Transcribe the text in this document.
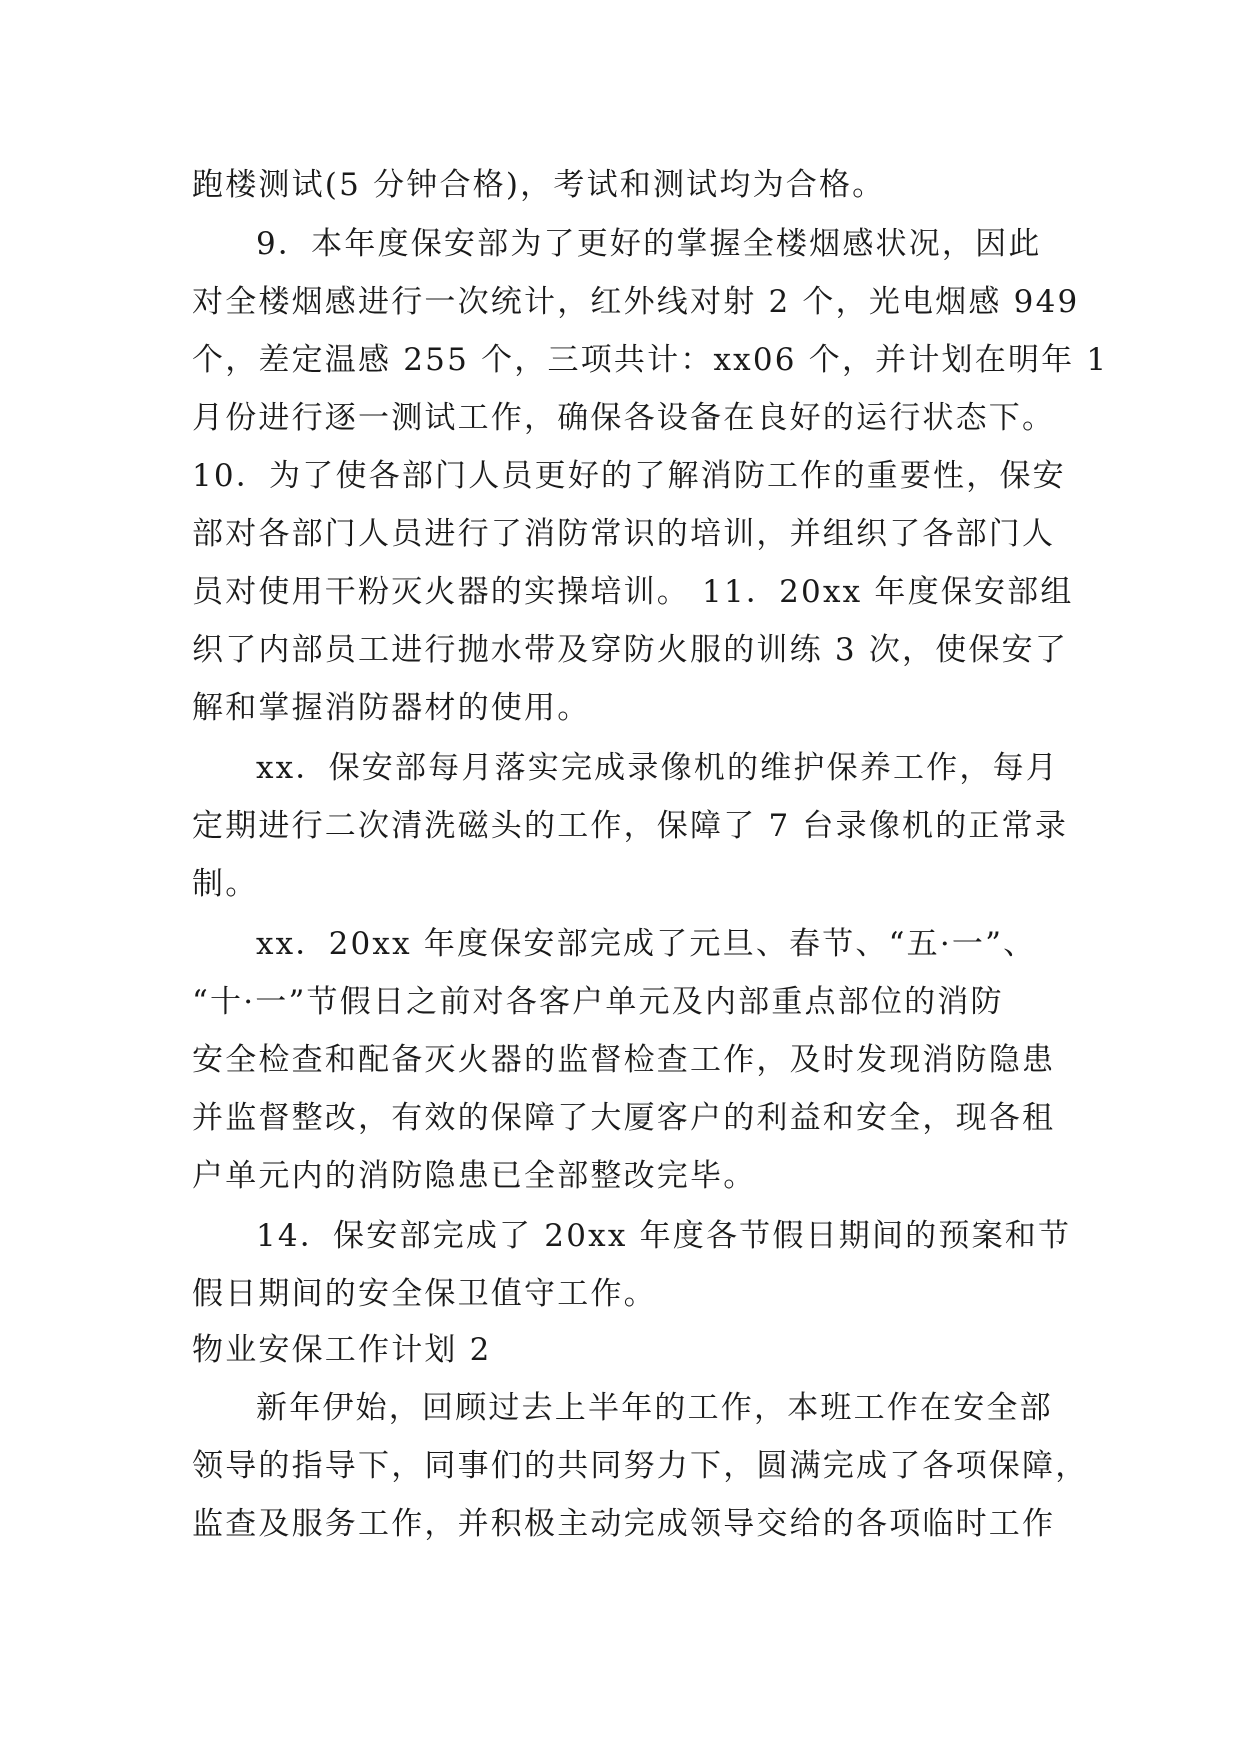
跑楼测试(5 分钟合格)，考试和测试均为合格。
9．本年度保安部为了更好的掌握全楼烟感状况，因此
对全楼烟感进行一次统计，红外线对射 2 个，光电烟感 949
个，差定温感 255 个，三项共计：xx06 个，并计划在明年 1
月份进行逐一测试工作，确保各设备在良好的运行状态下。
10．为了使各部门人员更好的了解消防工作的重要性，保安
部对各部门人员进行了消防常识的培训，并组织了各部门人
员对使用干粉灭火器的实操培训。 11．20xx 年度保安部组
织了内部员工进行抛水带及穿防火服的训练 3 次，使保安了
解和掌握消防器材的使用。
xx．保安部每月落实完成录像机的维护保养工作，每月
定期进行二次清洗磁头的工作，保障了 7 台录像机的正常录
制。
xx．20xx 年度保安部完成了元旦、春节、“五·一”、
“十·一”节假日之前对各客户单元及内部重点部位的消防
安全检查和配备灭火器的监督检查工作，及时发现消防隐患
并监督整改，有效的保障了大厦客户的利益和安全，现各租
户单元内的消防隐患已全部整改完毕。
14．保安部完成了 20xx 年度各节假日期间的预案和节
假日期间的安全保卫值守工作。
物业安保工作计划 2
新年伊始，回顾过去上半年的工作，本班工作在安全部
领导的指导下，同事们的共同努力下，圆满完成了各项保障，
监查及服务工作，并积极主动完成领导交给的各项临时工作
